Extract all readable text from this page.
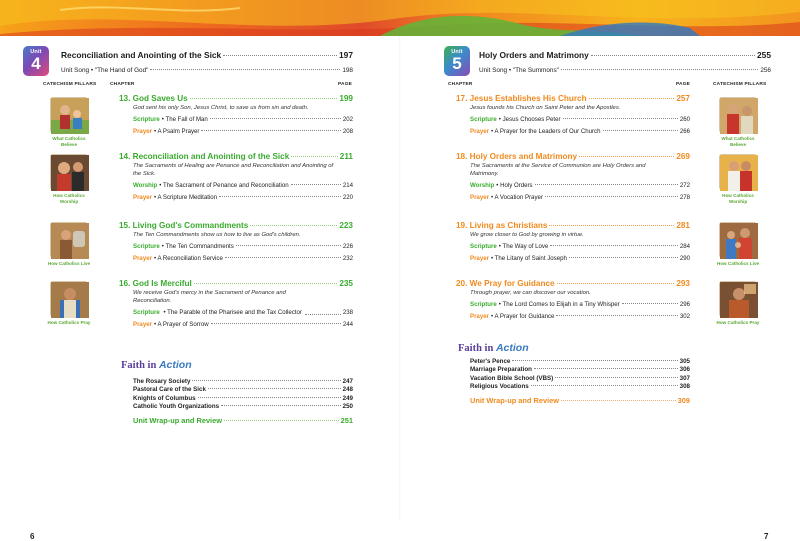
Unit
4	Reconciliation and Anointing of the Sick	197
Unit Song • "The Hand of God"	198
CATECHISM PILLARS	CHAPTER	PAGE
What Catholics Believe
How Catholics Worship
How Catholics Live
How Catholics Pray
13. God Saves Us	199
God sent his only Son, Jesus Christ, to save us from sin and death.
Scripture • The Fall of Man	202
Prayer • A Psalm Prayer	208
14. Reconciliation and Anointing of the Sick	211
The Sacraments of Healing are Penance and Reconciliation and Anointing of the Sick.
Worship • The Sacrament of Penance and Reconciliation	214
Prayer • A Scripture Meditation	220
15. Living God's Commandments	223
The Ten Commandments show us how to live as God's children.
Scripture • The Ten Commandments	226
Prayer • A Reconciliation Service	232
16. God Is Merciful	235
We receive God's mercy in the Sacrament of Penance and Reconciliation.
Scripture • The Parable of the Pharisee and the Tax Collector	238
Prayer • A Prayer of Sorrow	244
Faith in Action
The Rosary Society	247
Pastoral Care of the Sick	248
Knights of Columbus	249
Catholic Youth Organizations	250
Unit Wrap-up and Review	251
6
Unit
5	Holy Orders and Matrimony	255
Unit Song • "The Summons"	256
CHAPTER	PAGE	CATECHISM PILLARS
17. Jesus Establishes His Church	257
Jesus founds his Church on Saint Peter and the Apostles.
Scripture • Jesus Chooses Peter	260
Prayer • A Prayer for the Leaders of Our Church	266
18. Holy Orders and Matrimony	269
The Sacraments at the Service of Communion are Holy Orders and Matrimony.
Worship • Holy Orders	272
Prayer • A Vocation Prayer	278
19. Living as Christians	281
We grow closer to God by growing in virtue.
Scripture • The Way of Love	284
Prayer • The Litany of Saint Joseph	290
20. We Pray for Guidance	293
Through prayer, we can discover our vocation.
Scripture • The Lord Comes to Elijah in a Tiny Whisper	296
Prayer • A Prayer for Guidance	302
What Catholics Believe
How Catholics Worship
How Catholics Live
How Catholics Pray
Faith in Action
Peter's Pence	305
Marriage Preparation	306
Vacation Bible School (VBS)	307
Religious Vocations	308
Unit Wrap-up and Review	309
7
